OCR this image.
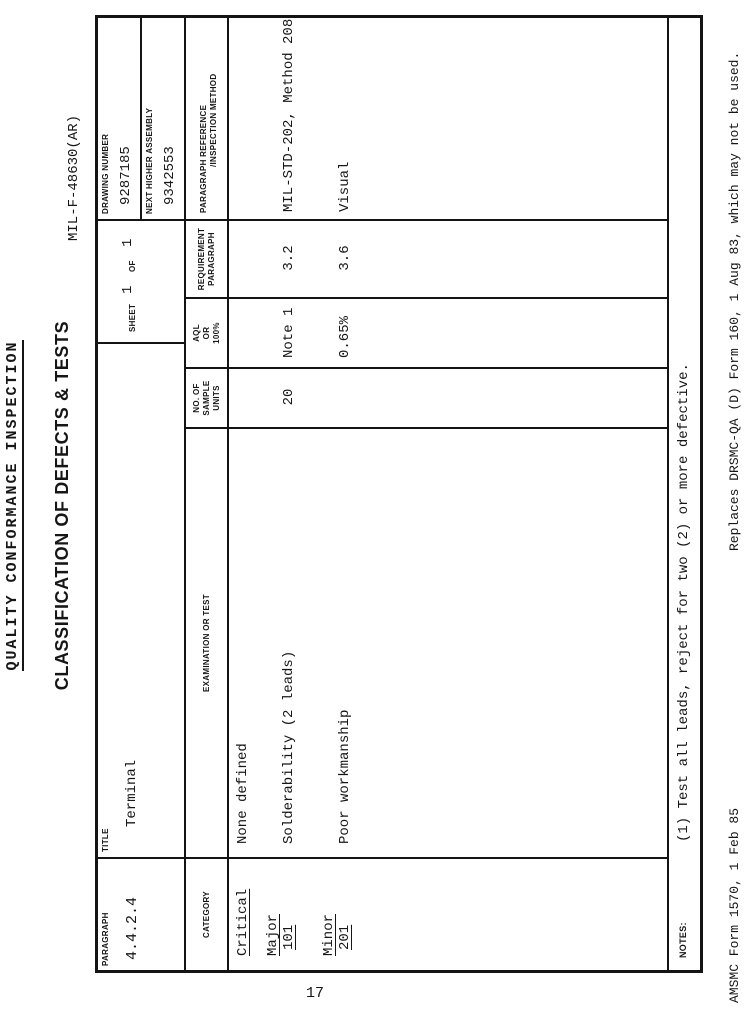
QUALITY CONFORMANCE INSPECTION CLASSIFICATION OF DEFECTS & TESTS
MIL-F-48630(AR)
PARAGRAPH 4.4.2.4
TITLE
Terminal
SHEET
1
OF
1
DRAWING NUMBER 9287185 NEXT HIGHER ASSEMBLY 9342553
CATEGORY
EXAMINATION OR TEST
NO. OF
SAMPLE
UNITS
AQL
OR
100%
REQUIREMENT
PARAGRAPH
PARAGRAPH REFERENCE /INSPECTION METHOD
Critical
None defined
Major 101
Solderability (2 leads)
20
Note 1
3.2
MIL-STD-202, Method 208
Minor 201
Poor workmanship
0.65%
3.6
Visual
NOTES:
(1) Test all leads, reject for two (2) or more defective.
AMSMC Form 1570, 1 Feb 85
Replaces DRSMC-QA (D) Form 160, 1 Aug 83, which may not be used.
17
